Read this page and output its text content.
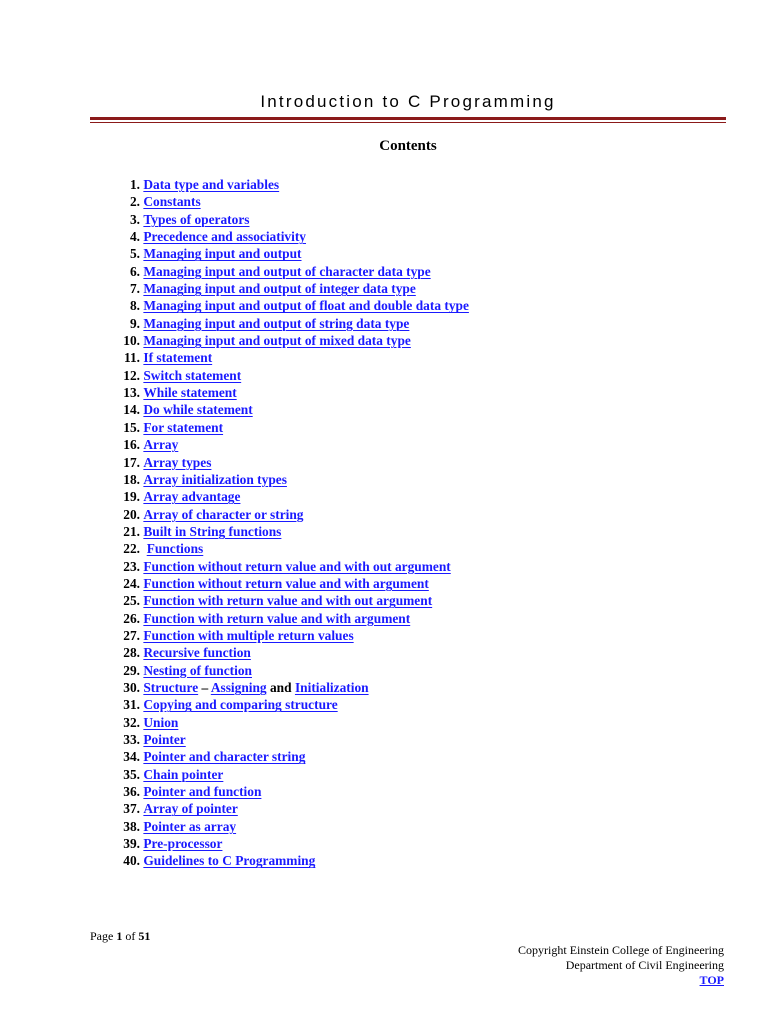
Introduction to C Programming
Contents
1. Data type and variables
2. Constants
3. Types of operators
4. Precedence and associativity
5. Managing input and output
6. Managing input and output of character data type
7. Managing input and output of integer data type
8. Managing input and output of float and double data type
9. Managing input and output of string data type
10. Managing input and output of mixed data type
11. If statement
12. Switch statement
13. While statement
14. Do while statement
15. For statement
16. Array
17. Array types
18. Array initialization types
19. Array advantage
20. Array of character or string
21. Built in String functions
22. Functions
23. Function without return value and with out argument
24. Function without return value and with argument
25. Function with return value and with out argument
26. Function with return value and with argument
27. Function with multiple return values
28. Recursive function
29. Nesting of function
30. Structure – Assigning and Initialization
31. Copying and comparing structure
32. Union
33. Pointer
34. Pointer and character string
35. Chain pointer
36. Pointer and function
37. Array of pointer
38. Pointer as array
39. Pre-processor
40. Guidelines to C Programming
Page 1 of 51
Copyright Einstein College of Engineering
Department of Civil Engineering
TOP
